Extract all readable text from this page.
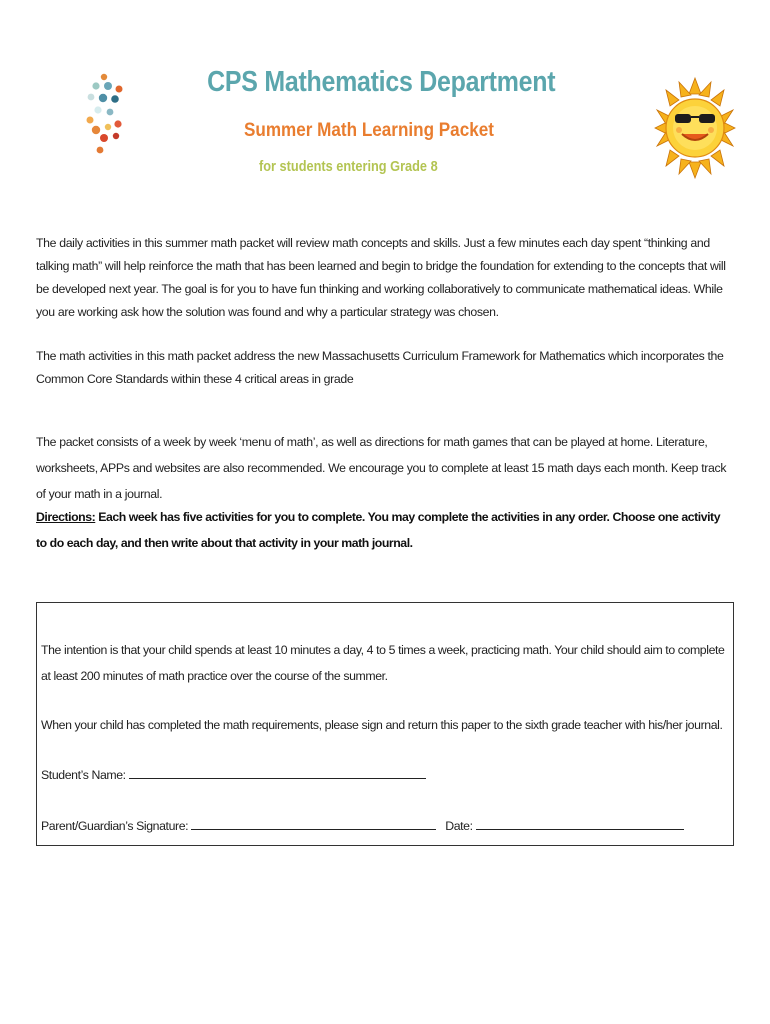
CPS Mathematics Department
Summer Math Learning Packet
for students entering Grade 8
The daily activities in this summer math packet will review math concepts and skills. Just a few minutes each day spent “thinking and talking math” will help reinforce the math that has been learned and begin to bridge the foundation for extending to the concepts that will be developed next year. The goal is for you to have fun thinking and working collaboratively to communicate mathematical ideas. While you are working ask how the solution was found and why a particular strategy was chosen.
The math activities in this math packet address the new Massachusetts Curriculum Framework for Mathematics which incorporates the Common Core Standards within these 4 critical areas in grade
The packet consists of a week by week ‘menu of math’, as well as directions for math games that can be played at home. Literature, worksheets, APPs and websites are also recommended. We encourage you to complete at least 15 math days each month. Keep track of your math in a journal.
Directions: Each week has five activities for you to complete. You may complete the activities in any order. Choose one activity to do each day, and then write about that activity in your math journal.
The intention is that your child spends at least 10 minutes a day, 4 to 5 times a week, practicing math. Your child should aim to complete at least 200 minutes of math practice over the course of the summer.
When your child has completed the math requirements, please sign and return this paper to the sixth grade teacher with his/her journal.
Student’s Name:
Parent/Guardian’s Signature:	Date:
